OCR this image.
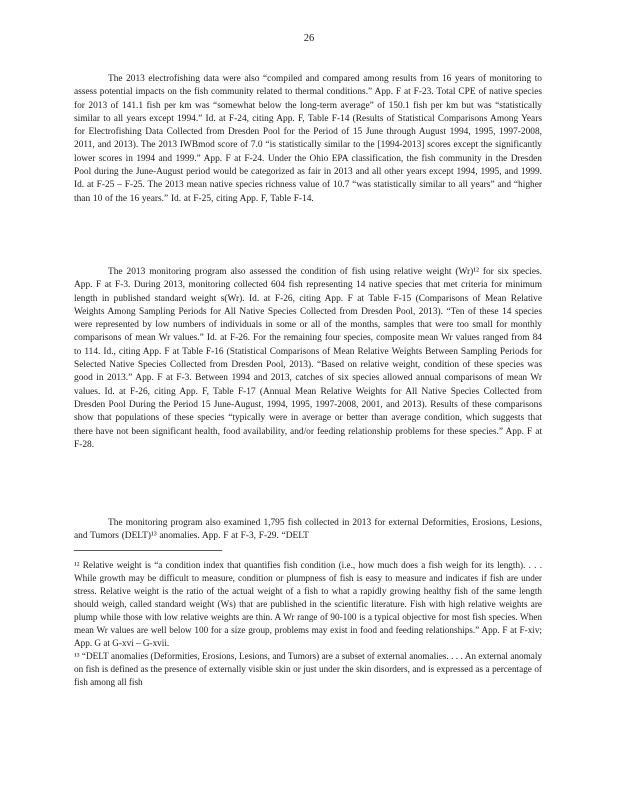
26

The 2013 electrofishing data were also “compiled and compared among results from 16 years of monitoring to assess potential impacts on the fish community related to thermal conditions.” App. F at F-23. Total CPE of native species for 2013 of 141.1 fish per km was “somewhat below the long-term average” of 150.1 fish per km but was “statistically similar to all years except 1994.” Id. at F-24, citing App. F, Table F-14 (Results of Statistical Comparisons Among Years for Electrofishing Data Collected from Dresden Pool for the Period of 15 June through August 1994, 1995, 1997-2008, 2011, and 2013). The 2013 IWBmod score of 7.0 “is statistically similar to the [1994-2013] scores except the significantly lower scores in 1994 and 1999.” App. F at F-24. Under the Ohio EPA classification, the fish community in the Dresden Pool during the June-August period would be categorized as fair in 2013 and all other years except 1994, 1995, and 1999. Id. at F-25 – F-25. The 2013 mean native species richness value of 10.7 “was statistically similar to all years” and “higher than 10 of the 16 years.” Id. at F-25, citing App. F, Table F-14.

The 2013 monitoring program also assessed the condition of fish using relative weight (Wr)¹² for six species. App. F at F-3. During 2013, monitoring collected 604 fish representing 14 native species that met criteria for minimum length in published standard weight s(Wr). Id. at F-26, citing App. F at Table F-15 (Comparisons of Mean Relative Weights Among Sampling Periods for All Native Species Collected from Dresden Pool, 2013). “Ten of these 14 species were represented by low numbers of individuals in some or all of the months, samples that were too small for monthly comparisons of mean Wr values.” Id. at F-26. For the remaining four species, composite mean Wr values ranged from 84 to 114. Id., citing App. F at Table F-16 (Statistical Comparisons of Mean Relative Weights Between Sampling Periods for Selected Native Species Collected from Dresden Pool, 2013). “Based on relative weight, condition of these species was good in 2013.” App. F at F-3. Between 1994 and 2013, catches of six species allowed annual comparisons of mean Wr values. Id. at F-26, citing App. F, Table F-17 (Annual Mean Relative Weights for All Native Species Collected from Dresden Pool During the Period 15 June-August, 1994, 1995, 1997-2008, 2001, and 2013). Results of these comparisons show that populations of these species “typically were in average or better than average condition, which suggests that there have not been significant health, food availability, and/or feeding relationship problems for these species.” App. F at F-28.

The monitoring program also examined 1,795 fish collected in 2013 for external Deformities, Erosions, Lesions, and Tumors (DELT)¹³ anomalies. App. F at F-3, F-29. “DELT

¹² Relative weight is “a condition index that quantifies fish condition (i.e., how much does a fish weigh for its length). . . . While growth may be difficult to measure, condition or plumpness of fish is easy to measure and indicates if fish are under stress. Relative weight is the ratio of the actual weight of a fish to what a rapidly growing healthy fish of the same length should weigh, called standard weight (Ws) that are published in the scientific literature. Fish with high relative weights are plump while those with low relative weights are thin. A Wr range of 90-100 is a typical objective for most fish species. When mean Wr values are well below 100 for a size group, problems may exist in food and feeding relationships.” App. F at F-xiv; App. G at G-xvi – G-xvii.

¹³ “DELT anomalies (Deformities, Erosions, Lesions, and Tumors) are a subset of external anomalies. . . . An external anomaly on fish is defined as the presence of externally visible skin or just under the skin disorders, and is expressed as a percentage of fish among all fish
